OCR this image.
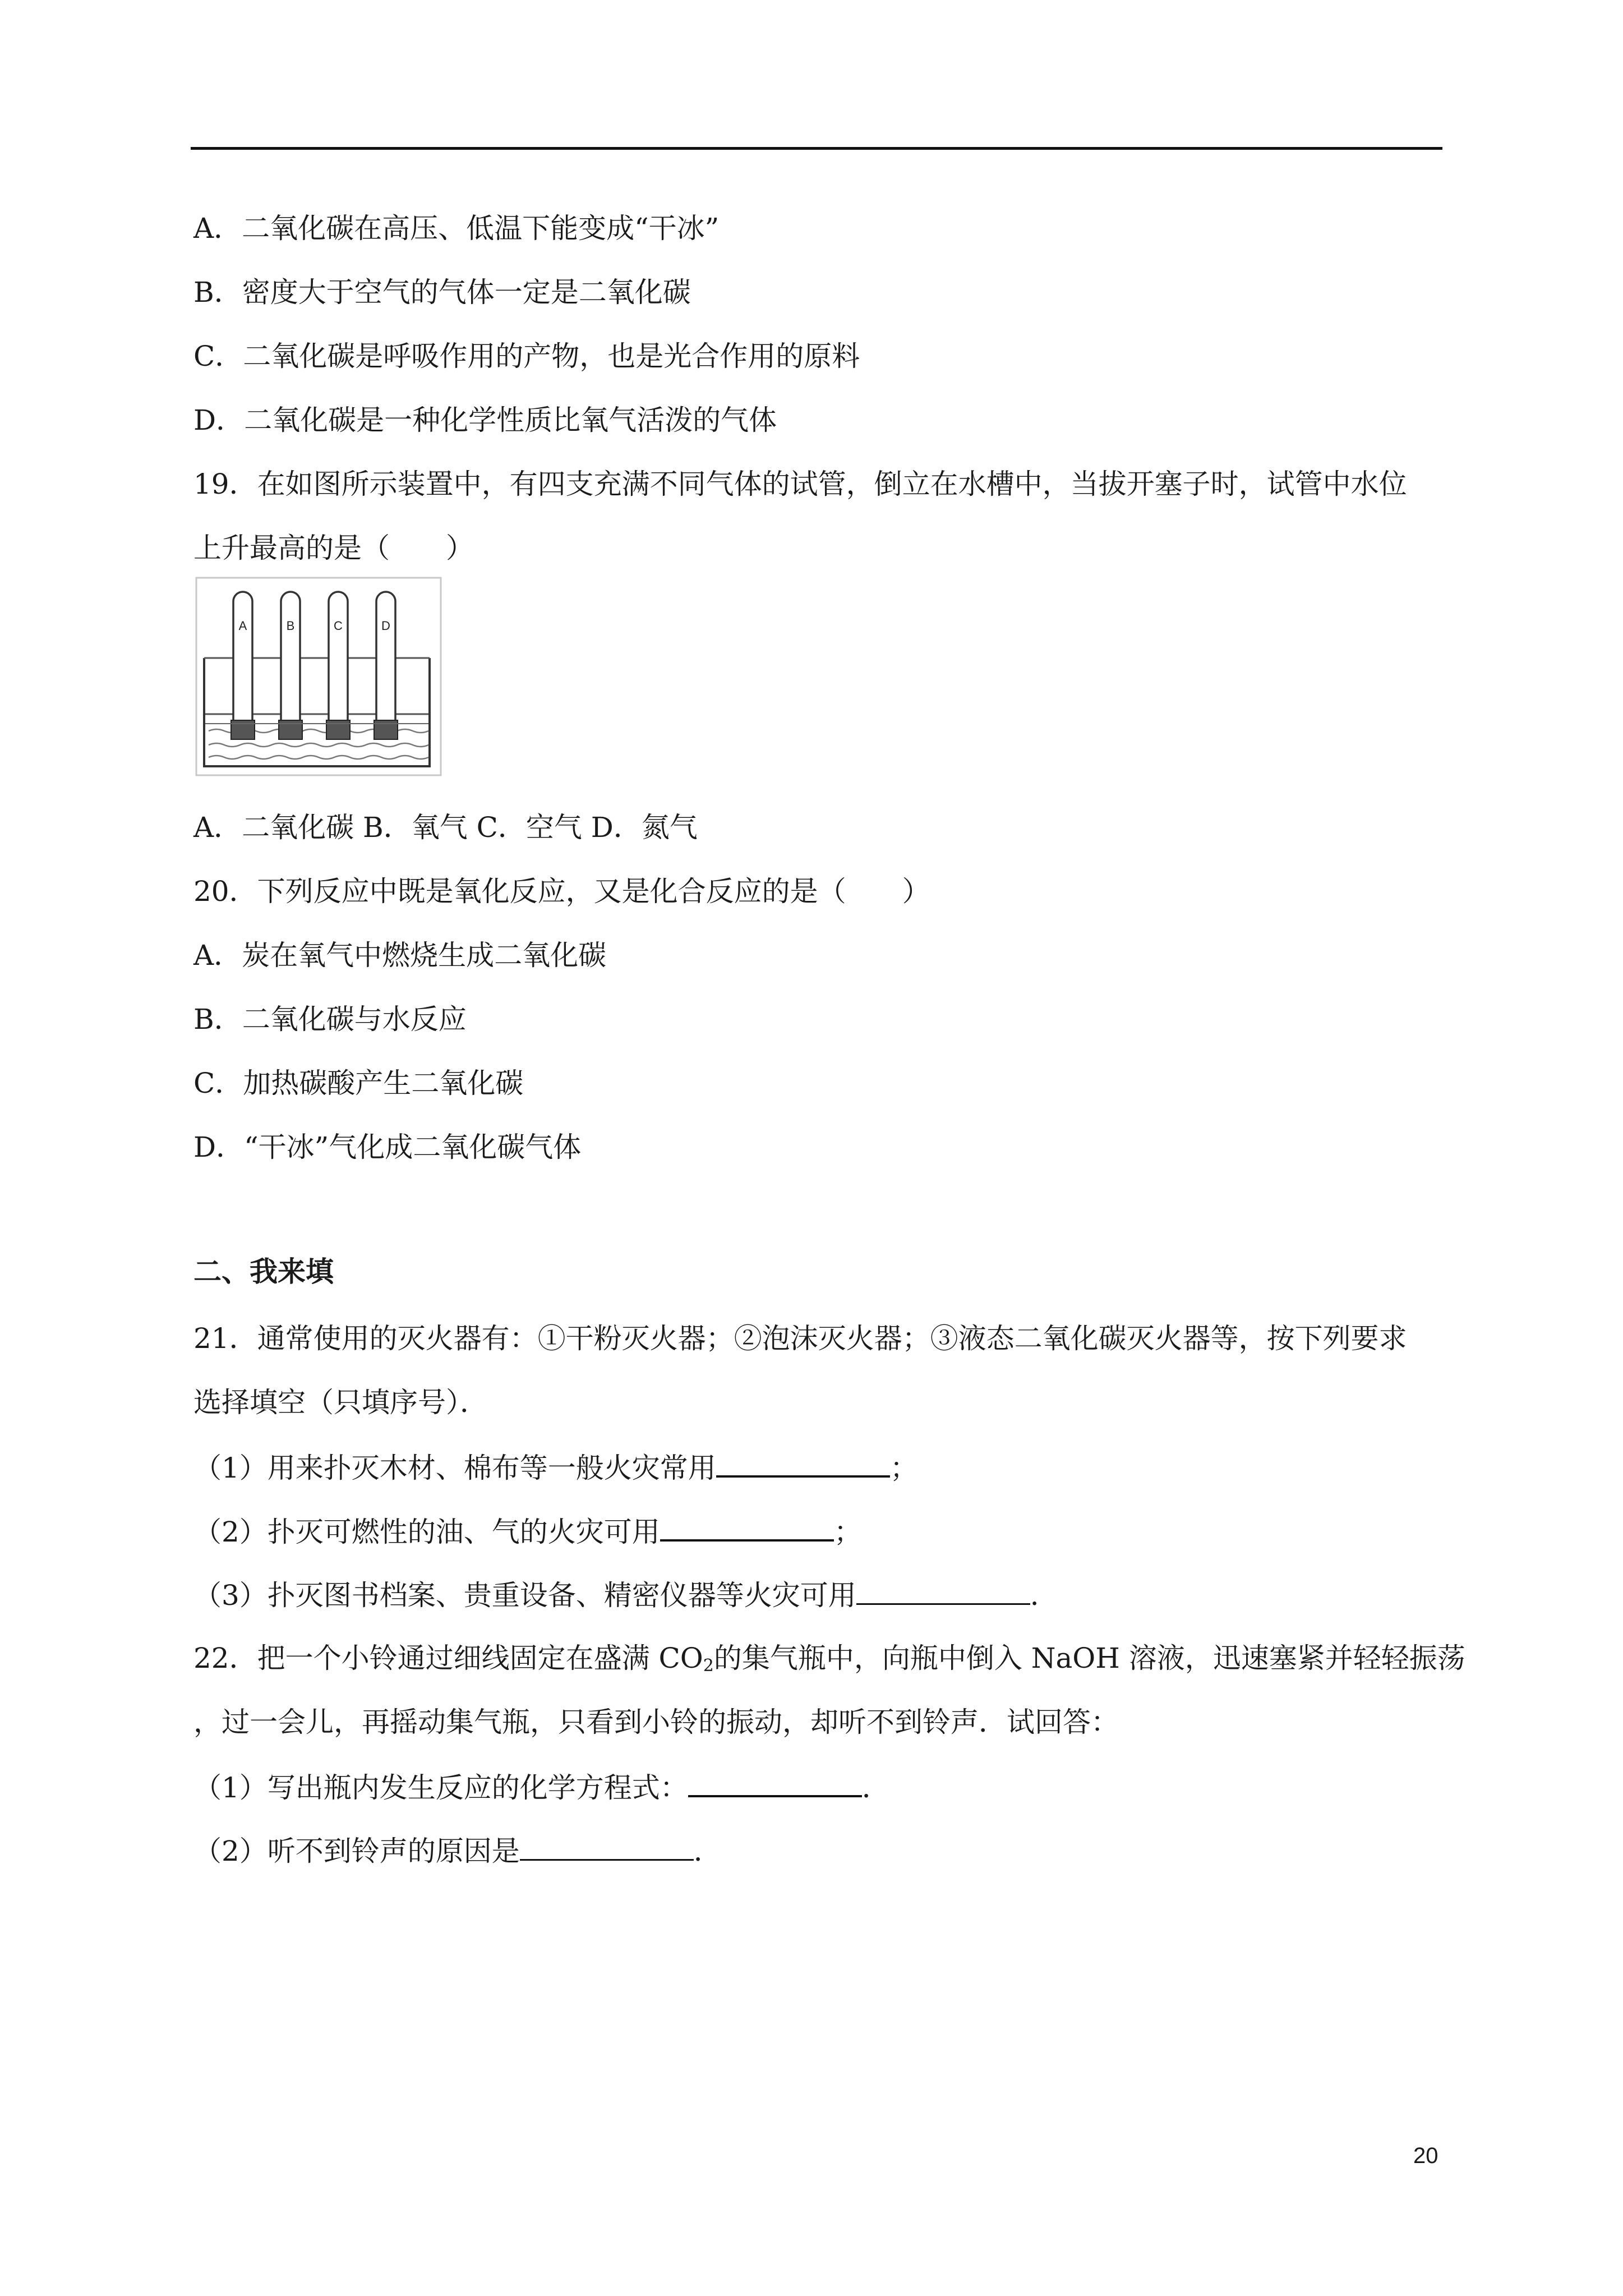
A．二氧化碳在高压、低温下能变成“干冰”
B．密度大于空气的气体一定是二氧化碳
C．二氧化碳是呼吸作用的产物，也是光合作用的原料
D．二氧化碳是一种化学性质比氧气活泼的气体
19．在如图所示装置中，有四支充满不同气体的试管，倒立在水槽中，当拔开塞子时，试管中水位
上升最高的是（　　）
A	B	C	D
A．二氧化碳 B．氧气 C．空气 D．氮气
20．下列反应中既是氧化反应，又是化合反应的是（　　）
A．炭在氧气中燃烧生成二氧化碳
B．二氧化碳与水反应
C．加热碳酸产生二氧化碳
D．“干冰”气化成二氧化碳气体
二、我来填
21．通常使用的灭火器有：①干粉灭火器；②泡沫灭火器；③液态二氧化碳灭火器等，按下列要求
选择填空（只填序号）．
（1）用来扑灭木材、棉布等一般火灾常用	；
（2）扑灭可燃性的油、气的火灾可用	；
（3）扑灭图书档案、贵重设备、精密仪器等火灾可用	．
22．把一个小铃通过细线固定在盛满 $CO_2$的集气瓶中，向瓶中倒入 NaOH 溶液，迅速塞紧并轻轻振荡
，过一会儿，再摇动集气瓶，只看到小铃的振动，却听不到铃声．试回答：
（1）写出瓶内发生反应的化学方程式：	．
（2）听不到铃声的原因是	．
20
